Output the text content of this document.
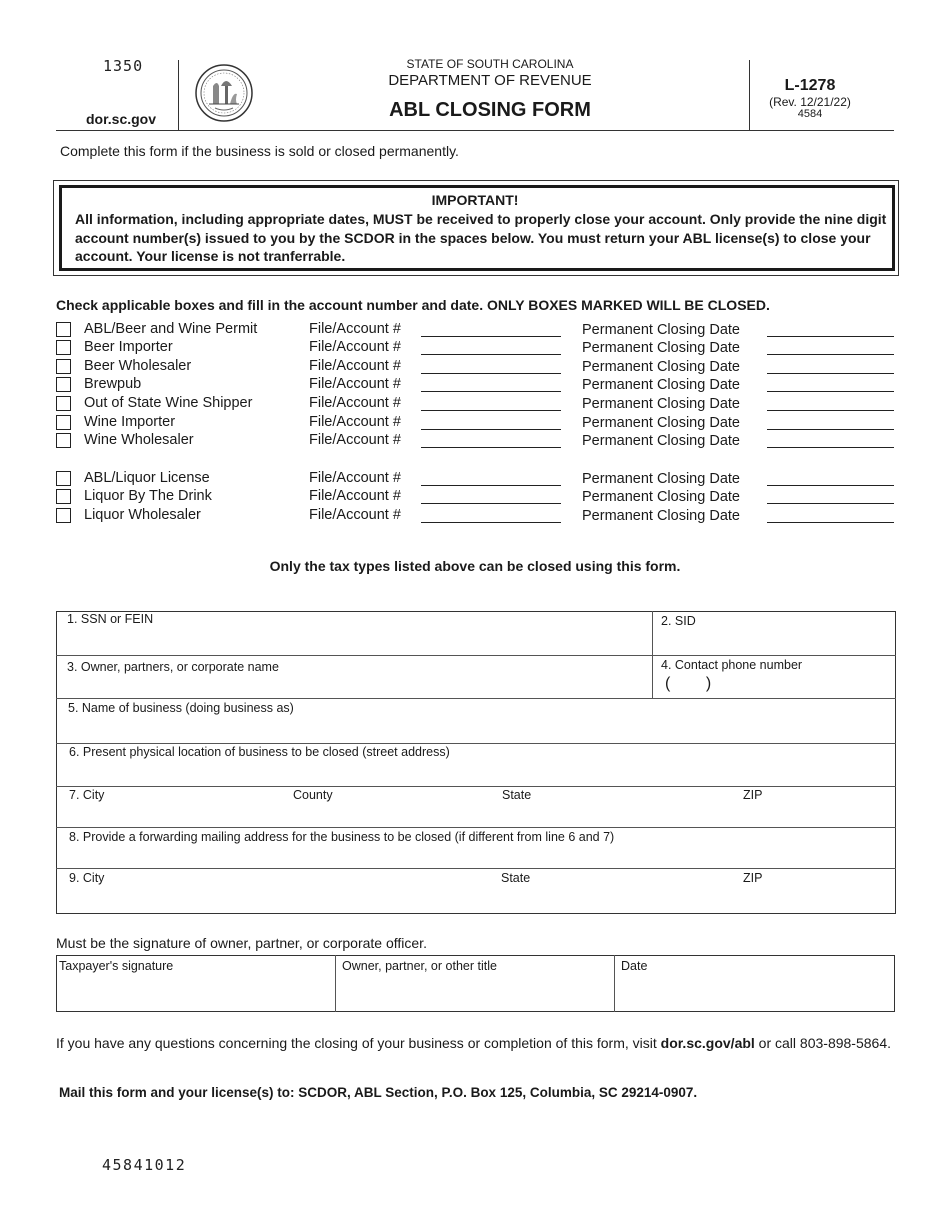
1350
dor.sc.gov
STATE OF SOUTH CAROLINA
DEPARTMENT OF REVENUE
ABL CLOSING FORM
L-1278
(Rev. 12/21/22)
4584
Complete this form if the business is sold or closed permanently.
IMPORTANT!
All information, including appropriate dates, MUST be received to properly close your account. Only provide the nine digit account number(s) issued to you by the SCDOR in the spaces below. You must return your ABL license(s) to close your account. Your license is not tranferrable.
Check applicable boxes and fill in the account number and date. ONLY BOXES MARKED WILL BE CLOSED.
ABL/Beer and Wine Permit	File/Account #	Permanent Closing Date
Beer Importer	File/Account #	Permanent Closing Date
Beer Wholesaler	File/Account #	Permanent Closing Date
Brewpub	File/Account #	Permanent Closing Date
Out of State Wine Shipper	File/Account #	Permanent Closing Date
Wine Importer	File/Account #	Permanent Closing Date
Wine Wholesaler	File/Account #	Permanent Closing Date
ABL/Liquor License	File/Account #	Permanent Closing Date
Liquor By The Drink	File/Account #	Permanent Closing Date
Liquor Wholesaler	File/Account #	Permanent Closing Date
Only the tax types listed above can be closed using this form.
1. SSN or FEIN	2. SID
3. Owner, partners, or corporate name	4. Contact phone number
(        )
5. Name of business (doing business as)
6. Present physical location of business to be closed (street address)
7. City	County	State	ZIP
8. Provide a forwarding mailing address for the business to be closed (if different from line 6 and 7)
9. City	State	ZIP
Must be the signature of owner, partner, or corporate officer.
Taxpayer's signature	Owner, partner, or other title	Date
If you have any questions concerning the closing of your business or completion of this form, visit dor.sc.gov/abl or call 803-898-5864.
Mail this form and your license(s) to: SCDOR, ABL Section, P.O. Box 125, Columbia, SC 29214-0907.
45841012
